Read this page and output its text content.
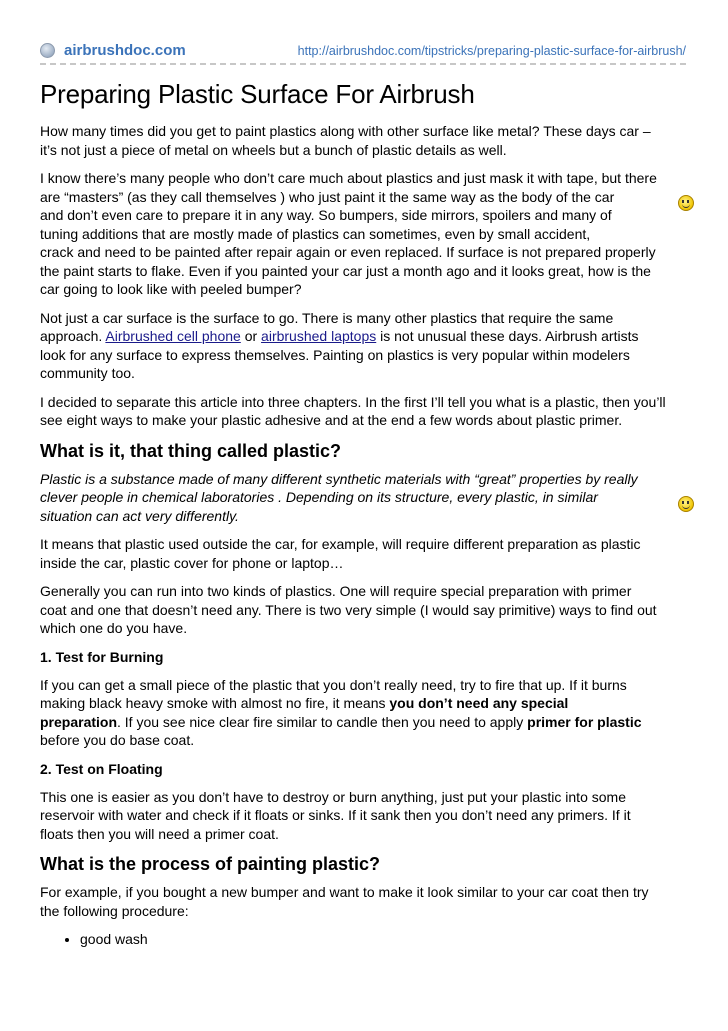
airbrushdoc.com	http://airbrushdoc.com/tipstricks/preparing-plastic-surface-for-airbrush/
Preparing Plastic Surface For Airbrush
How many times did you get to paint plastics along with other surface like metal? These days car –
it’s not just a piece of metal on wheels but a bunch of plastic details as well.
I know there’s many people who don’t care much about plastics and just mask it with tape, but there
are “masters” (as they call themselves ) who just paint it the same way as the body of the car
and don’t even care to prepare it in any way. So bumpers, side mirrors, spoilers and many of
tuning additions that are mostly made of plastics can sometimes, even by small accident,
crack and need to be painted after repair again or even replaced. If surface is not prepared properly
the paint starts to flake. Even if you painted your car just a month ago and it looks great, how is the
car going to look like with peeled bumper?
Not just a car surface is the surface to go. There is many other plastics that require the same
approach. Airbrushed cell phone or airbrushed laptops is not unusual these days. Airbrush artists
look for any surface to express themselves. Painting on plastics is very popular within modelers
community too.
I decided to separate this article into three chapters. In the first I’ll tell you what is a plastic, then you’ll
see eight ways to make your plastic adhesive and at the end a few words about plastic primer.
What is it, that thing called plastic?
Plastic is a substance made of many different synthetic materials with “great” properties by really
clever people in chemical laboratories . Depending on its structure, every plastic, in similar
situation can act very differently.
It means that plastic used outside the car, for example, will require different preparation as plastic
inside the car, plastic cover for phone or laptop…
Generally you can run into two kinds of plastics. One will require special preparation with primer
coat and one that doesn’t need any. There is two very simple (I would say primitive) ways to find out
which one do you have.
1. Test for Burning
If you can get a small piece of the plastic that you don’t really need, try to fire that up. If it burns
making black heavy smoke with almost no fire, it means you don’t need any special
preparation. If you see nice clear fire similar to candle then you need to apply primer for plastic
before you do base coat.
2. Test on Floating
This one is easier as you don’t have to destroy or burn anything, just put your plastic into some
reservoir with water and check if it floats or sinks. If it sank then you don’t need any primers. If it
floats then you will need a primer coat.
What is the process of painting plastic?
For example, if you bought a new bumper and want to make it look similar to your car coat then try
the following procedure:
• good wash
